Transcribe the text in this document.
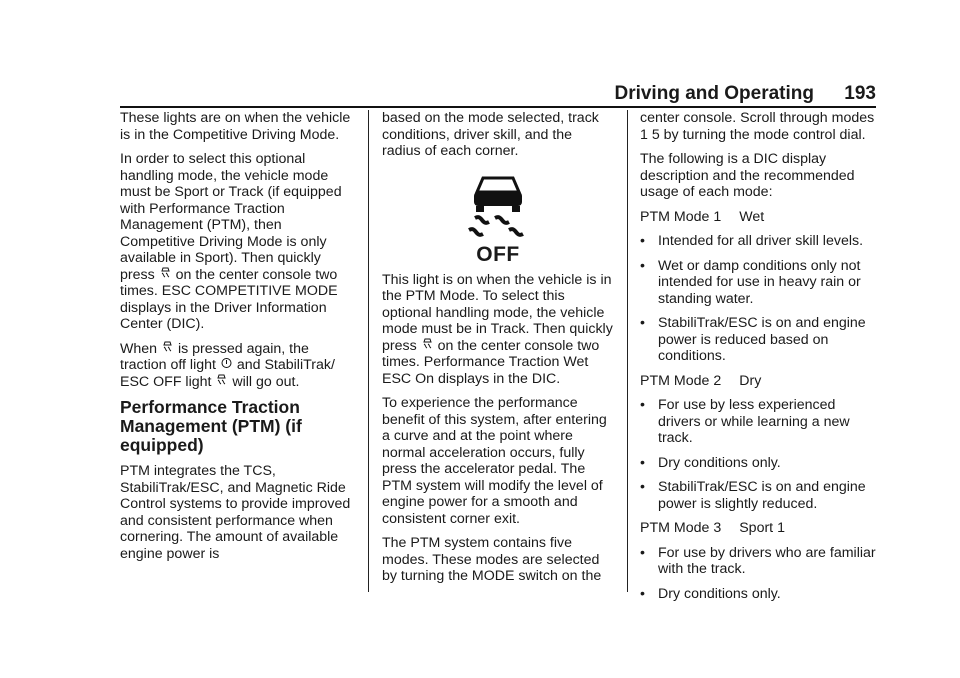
Driving and Operating 193

These lights are on when the vehicle is in the Competitive Driving Mode.

In order to select this optional handling mode, the vehicle mode must be Sport or Track (if equipped with Performance Traction Management (PTM), then Competitive Driving Mode is only available in Sport). Then quickly press on the center console two times. ESC COMPETITIVE MODE displays in the Driver Information Center (DIC).

When is pressed again, the traction off light and StabiliTrak/ ESC OFF light will go out.

Performance Traction Management (PTM) (if equipped)

PTM integrates the TCS, StabiliTrak/ESC, and Magnetic Ride Control systems to provide improved and consistent performance when cornering. The amount of available engine power is

based on the mode selected, track conditions, driver skill, and the radius of each corner.

OFF

This light is on when the vehicle is in the PTM Mode. To select this optional handling mode, the vehicle mode must be in Track. Then quickly press on the center console two times. Performance Traction Wet ESC On displays in the DIC.

To experience the performance benefit of this system, after entering a curve and at the point where normal acceleration occurs, fully press the accelerator pedal. The PTM system will modify the level of engine power for a smooth and consistent corner exit.

The PTM system contains five modes. These modes are selected by turning the MODE switch on the

center console. Scroll through modes 1 5 by turning the mode control dial.

The following is a DIC display description and the recommended usage of each mode:

PTM Mode 1 Wet
• Intended for all driver skill levels.
• Wet or damp conditions only not intended for use in heavy rain or standing water.
• StabiliTrak/ESC is on and engine power is reduced based on conditions.
PTM Mode 2 Dry
• For use by less experienced drivers or while learning a new track.
• Dry conditions only.
• StabiliTrak/ESC is on and engine power is slightly reduced.
PTM Mode 3 Sport 1
• For use by drivers who are familiar with the track.
• Dry conditions only.
